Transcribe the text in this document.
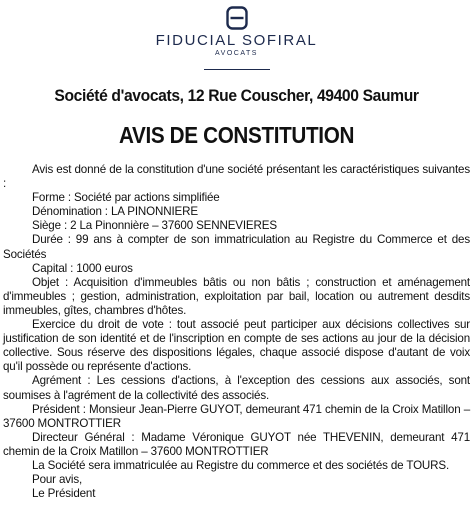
FIDUCIAL SOFIRAL
AVOCATS
Société d'avocats, 12 Rue Couscher, 49400 Saumur
AVIS DE CONSTITUTION

Avis est donné de la constitution d'une société présentant les caractéristiques suivantes :

Forme : Société par actions simplifiée

Dénomination : LA PINONNIERE

Siège : 2 La Pinonnière – 37600 SENNEVIERES

Durée : 99 ans à compter de son immatriculation au Registre du Commerce et des Sociétés

Capital : 1000 euros

Objet : Acquisition d'immeubles bâtis ou non bâtis ; construction et aménagement d'immeubles ; gestion, administration, exploitation par bail, location ou autrement desdits immeubles, gîtes, chambres d'hôtes.

Exercice du droit de vote : tout associé peut participer aux décisions collectives sur justification de son identité et de l'inscription en compte de ses actions au jour de la décision collective. Sous réserve des dispositions légales, chaque associé dispose d'autant de voix qu'il possède ou représente d'actions.

Agrément : Les cessions d'actions, à l'exception des cessions aux associés, sont soumises à l'agrément de la collectivité des associés.

Président : Monsieur Jean-Pierre GUYOT, demeurant 471 chemin de la Croix Matillon – 37600 MONTROTTIER

Directeur Général : Madame Véronique GUYOT née THEVENIN, demeurant 471 chemin de la Croix Matillon – 37600 MONTROTTIER

La Société sera immatriculée au Registre du commerce et des sociétés de TOURS.

Pour avis,

Le Président
